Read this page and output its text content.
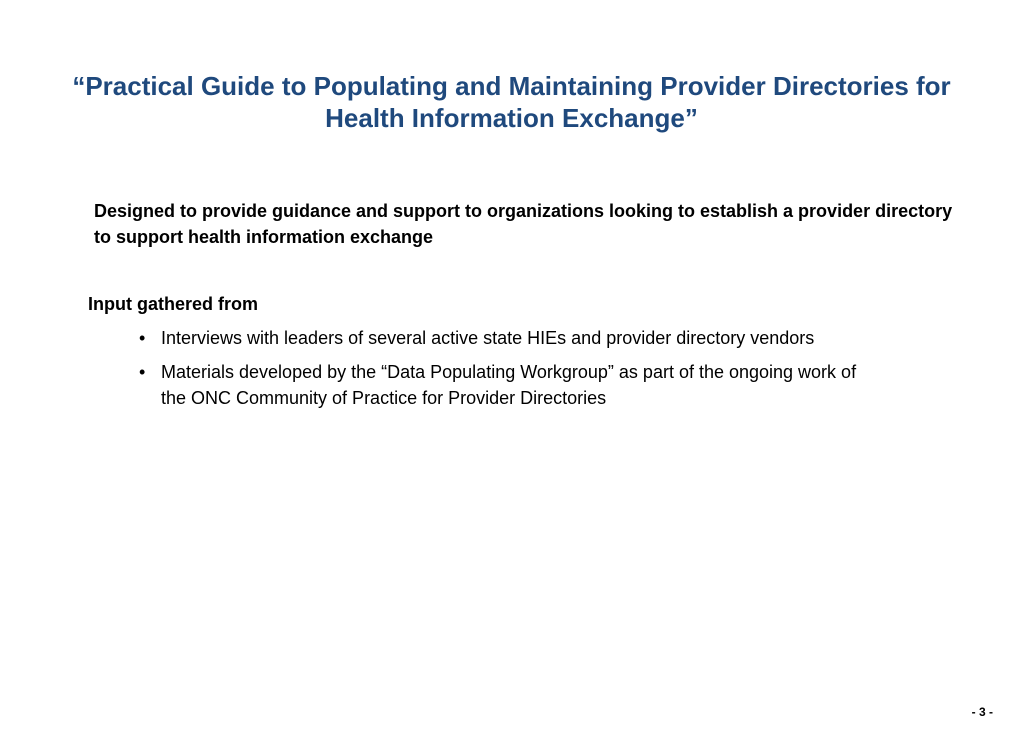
“Practical Guide to Populating and Maintaining Provider Directories for Health Information Exchange”

Designed to provide guidance and support to organizations looking to establish a provider directory to support health information exchange

Input gathered from

• Interviews with leaders of several active state HIEs and provider directory vendors
• Materials developed by the “Data Populating Workgroup” as part of the ongoing work of the ONC Community of Practice for Provider Directories
- 3 -
